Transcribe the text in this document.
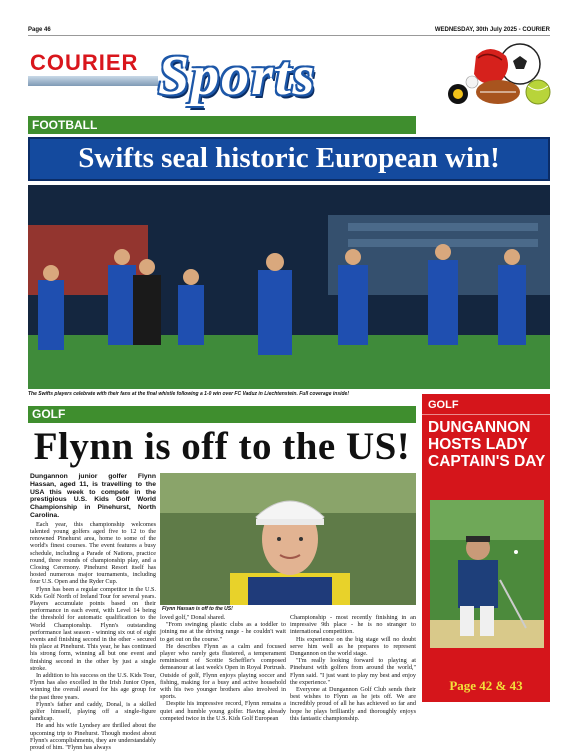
Page 46	WEDNESDAY, 30th July 2025 - COURIER
COURIER Sports
FOOTBALL
Swifts seal historic European win!
The Swifts players celebrate with their fans at the final whistle following a 1-0 win over FC Vaduz in Liechtenstein. Full coverage inside!
GOLF
Flynn is off to the US!

Dungannon junior golfer Flynn Hassan, aged 11, is travelling to the USA this week to compete in the prestigious U.S. Kids Golf World Championship in Pinehurst, North Carolina.

Each year, this championship welcomes talented young golfers aged five to 12 to the renowned Pinehurst area, home to some of the world's finest courses. The event features a busy schedule, including a Parade of Nations, practice round, three rounds of championship play, and a Closing Ceremony. Pinehurst Resort itself has hosted numerous major tournaments, including four U.S. Open and the Ryder Cup.

Flynn has been a regular competitor in the U.S. Kids Golf North of Ireland Tour for several years. Players accumulate points based on their performance in each event, with Level 14 being the threshold for automatic qualification to the World Championship. Flynn's outstanding performance last season - winning six out of eight events and finishing second in the other - secured his place at Pinehurst. This year, he has continued his strong form, winning all but one event and finishing second in the other by just a single stroke.

In addition to his success on the U.S. Kids Tour, Flynn has also excelled in the Irish Junior Open, winning the overall award for his age group for the past three years.

Flynn's father and caddy, Donal, is a skilled golfer himself, playing off a single-figure handicap.

He and his wife Lyndsey are thrilled about the upcoming trip to Pinehurst. Though modest about Flynn's accomplishments, they are understandably proud of him. "Flynn has always

Flynn Hassan is off to the US!

loved golf," Donal shared.

"From swinging plastic clubs as a toddler to joining me at the driving range - he couldn't wait to get out on the course."

He describes Flynn as a calm and focused player who rarely gets flustered, a temperament reminiscent of Scottie Scheffler's composed demeanour at last week's Open in Royal Portrush. Outside of golf, Flynn enjoys playing soccer and fishing, making for a busy and active household with his two younger brothers also involved in sports.

Despite his impressive record, Flynn remains a quiet and humble young golfer. Having already competed twice in the U.S. Kids Golf European

Championship - most recently finishing in an impressive 9th place - he is no stranger to international competition.

His experience on the big stage will no doubt serve him well as he prepares to represent Dungannon on the world stage.

"I'm really looking forward to playing at Pinehurst with golfers from around the world," Flynn said. "I just want to play my best and enjoy the experience."

Everyone at Dungannon Golf Club sends their best wishes to Flynn as he jets off. We are incredibly proud of all he has achieved so far and hope he plays brilliantly and thoroughly enjoys this fantastic championship.

GOLF
DUNGANNON HOSTS LADY CAPTAIN'S DAY
Page 42 & 43
